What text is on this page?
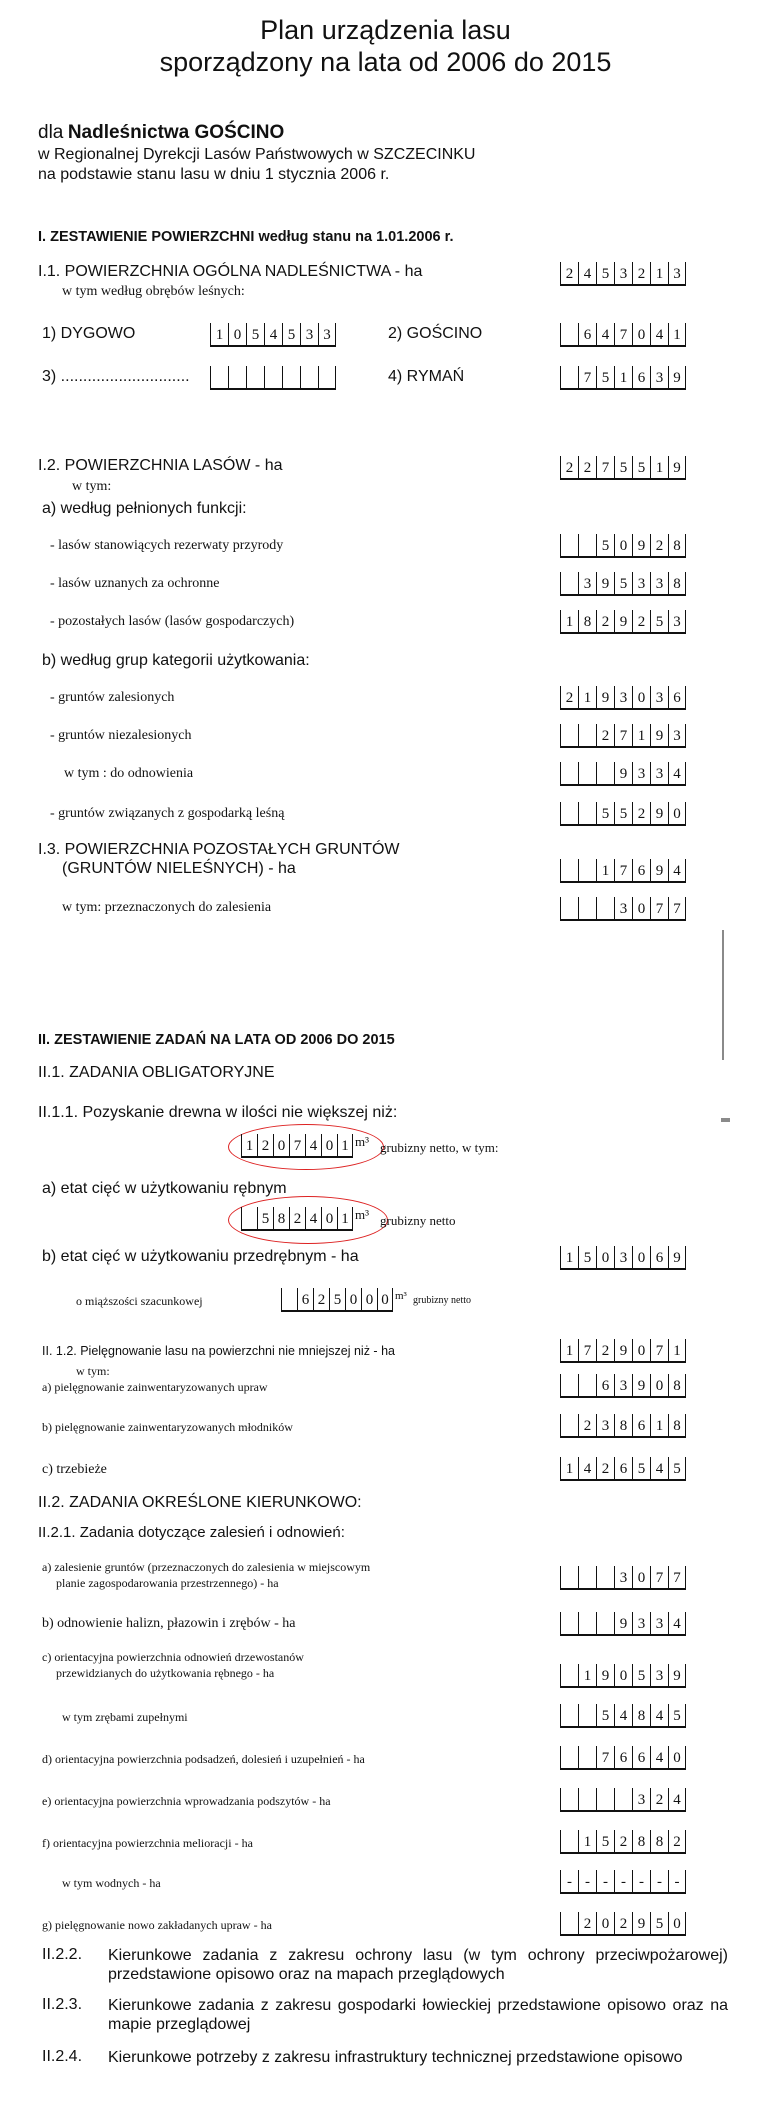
Plan urządzenia lasu
sporządzony na lata od 2006 do 2015
dla Nadleśnictwa GOŚCINO
w Regionalnej Dyrekcji Lasów Państwowych w SZCZECINKU
na podstawie stanu lasu w dniu 1 stycznia 2006 r.
I. ZESTAWIENIE POWIERZCHNI według stanu na 1.01.2006 r.
I.1. POWIERZCHNIA OGÓLNA NADLEŚNICTWA - ha
w tym według obrębów leśnych:
2 4 5 3 2 1 3
1) DYGOWO	1 0 5 4 5 3 3	2) GOŚCINO	6 4 7 0 4 1
3) .............................	4) RYMAŃ	7 5 1 6 3 9
I.2. POWIERZCHNIA LASÓW - ha	2 2 7 5 5 1 9
w tym:
a) według pełnionych funkcji:
- lasów stanowiących rezerwaty przyrody	5 0 9 2 8
- lasów uznanych za ochronne	3 9 5 3 3 8
- pozostałych lasów (lasów gospodarczych)	1 8 2 9 2 5 3
b) według grup kategorii użytkowania:
- gruntów zalesionych	2 1 9 3 0 3 6
- gruntów niezalesionych	2 7 1 9 3
w tym : do odnowienia	9 3 3 4
- gruntów związanych z gospodarką leśną	5 5 2 9 0
I.3. POWIERZCHNIA POZOSTAŁYCH GRUNTÓW
(GRUNTÓW NIELEŚNYCH) - ha	1 7 6 9 4
w tym: przeznaczonych do zalesienia	3 0 7 7
II. ZESTAWIENIE ZADAŃ NA LATA OD 2006 DO 2015
II.1. ZADANIA OBLIGATORYJNE
II.1.1. Pozyskanie drewna w ilości nie większej niż:
1 2 0 7 4 0 1 m³ grubizny netto, w tym:
a) etat cięć w użytkowaniu rębnym
5 8 2 4 0 1 m³ grubizny netto
b) etat cięć w użytkowaniu przedrębnym - ha	1 5 0 3 0 6 9
o miąższości szacunkowej	6 2 5 0 0 0 m³ grubizny netto
II. 1.2. Pielęgnowanie lasu na powierzchni nie mniejszej niż - ha	1 7 2 9 0 7 1
w tym:
a) pielęgnowanie zainwentaryzowanych upraw	6 3 9 0 8
b) pielęgnowanie zainwentaryzowanych młodników	2 3 8 6 1 8
c) trzebieże	1 4 2 6 5 4 5
II.2. ZADANIA OKREŚLONE KIERUNKOWO:
II.2.1. Zadania dotyczące zalesień i odnowień:
a) zalesienie gruntów (przeznaczonych do zalesienia w miejscowym
planie zagospodarowania przestrzennego) - ha	3 0 7 7
b) odnowienie halizn, płazowin i zrębów - ha	9 3 3 4
c) orientacyjna powierzchnia odnowień drzewostanów
przewidzianych do użytkowania rębnego - ha	1 9 0 5 3 9
w tym zrębami zupełnymi	5 4 8 4 5
d) orientacyjna powierzchnia podsadzeń, dolesień i uzupełnień - ha	7 6 6 4 0
e) orientacyjna powierzchnia wprowadzania podszytów - ha	3 2 4
f) orientacyjna powierzchnia melioracji - ha	1 5 2 8 8 2
w tym wodnych - ha	- - - - - - -
g) pielęgnowanie nowo zakładanych upraw - ha	2 0 2 9 5 0
II.2.2. Kierunkowe zadania z zakresu ochrony lasu (w tym ochrony przeciwpożarowej) przedstawione opisowo oraz na mapach przeglądowych
II.2.3. Kierunkowe zadania z zakresu gospodarki łowieckiej przedstawione opisowo oraz na mapie przeglądowej
II.2.4. Kierunkowe potrzeby z zakresu infrastruktury technicznej przedstawione opisowo
